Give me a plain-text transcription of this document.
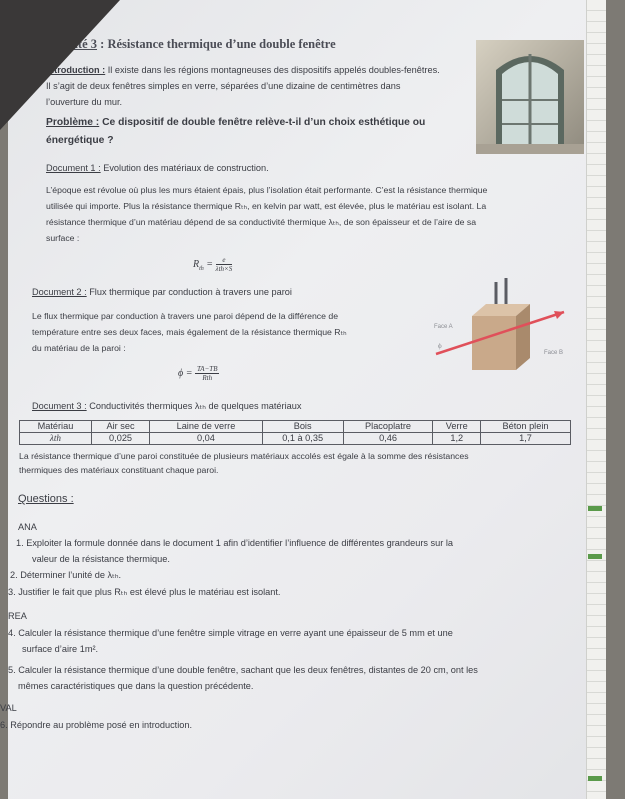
Activité 3 : Résistance thermique d’une double fenêtre
Introduction : Il existe dans les régions montagneuses des dispositifs appelés doubles-fenêtres.
Il s’agit de deux fenêtres simples en verre, séparées d’une dizaine de centimètres dans
l’ouverture du mur.
Problème : Ce dispositif de double fenêtre relève-t-il d’un choix esthétique ou
énergétique ?
Document 1 : Evolution des matériaux de construction.
L’époque est révolue où plus les murs étaient épais, plus l’isolation était performante. C’est la résistance thermique
utilisée qui importe. Plus la résistance thermique Rₜₕ, en kelvin par watt, est élevée, plus le matériau est isolant. La
résistance thermique d’un matériau dépend de sa conductivité thermique λₜₕ, de son épaisseur et de l’aire de sa
surface :
$R_{th} = \frac{e}{\text{λth×S}}$
Document 2 : Flux thermique par conduction à travers une paroi
Le flux thermique par conduction à travers une paroi dépend de la différence de
température entre ses deux faces, mais également de la résistance thermique Rₜₕ
du matériau de la paroi :
$\phi = \frac{TA-TB}{\text{Rth}}$
Face A
Face B
ϕ
Document 3 : Conductivités thermiques λₜₕ de quelques matériaux
Matériau	Air sec	Laine de verre	Bois	Placoplatre	Verre	Béton plein
λth	0,025	0,04	0,1 à 0,35	0,46	1,2	1,7
La résistance thermique d’une paroi constituée de plusieurs matériaux accolés est égale à la somme des résistances
thermiques des matériaux constituant chaque paroi.
Questions :
ANA
1. Exploiter la formule donnée dans le document 1 afin d’identifier l’influence de différentes grandeurs sur la
valeur de la résistance thermique.
2. Déterminer l’unité de λₜₕ.
3. Justifier le fait que plus Rₜₕ est élevé plus le matériau est isolant.
REA
4. Calculer la résistance thermique d’une fenêtre simple vitrage en verre ayant une épaisseur de 5 mm et une
surface d’aire 1m².
5. Calculer la résistance thermique d’une double fenêtre, sachant que les deux fenêtres, distantes de 20 cm, ont les
mêmes caractéristiques que dans la question précédente.
VAL
6. Répondre au problème posé en introduction.
